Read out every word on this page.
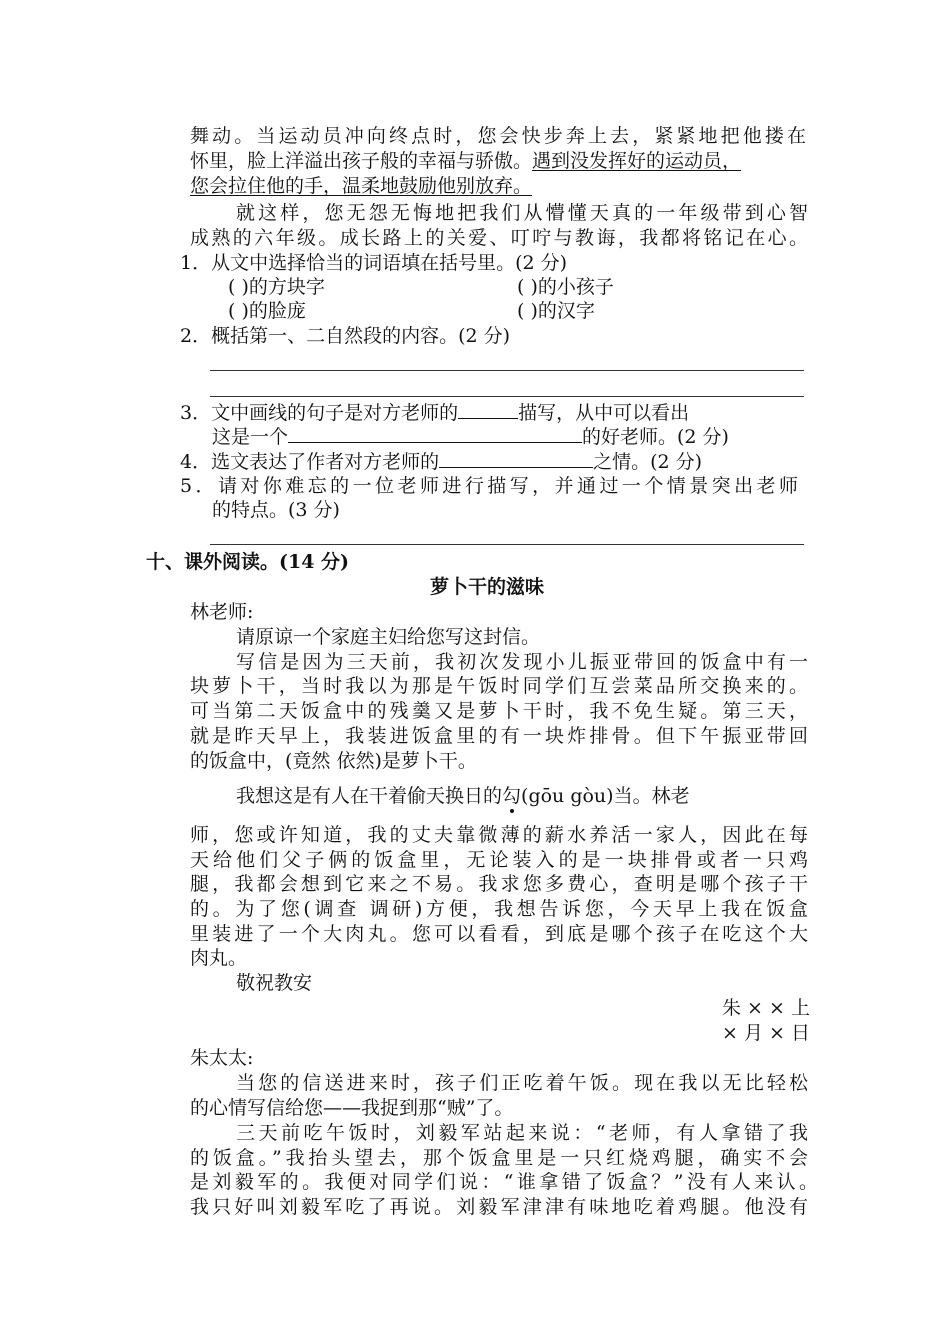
舞动。当运动员冲向终点时，您会快步奔上去，紧紧地把他搂在
怀里，脸上洋溢出孩子般的幸福与骄傲。遇到没发挥好的运动员，
您会拉住他的手，温柔地鼓励他别放弃。
就这样，您无怨无悔地把我们从懵懂天真的一年级带到心智
成熟的六年级。成长路上的关爱、叮咛与教诲，我都将铭记在心。
1．从文中选择恰当的词语填在括号里。(2 分)
( )的方块字	( )的小孩子
( )的脸庞	( )的汉字
2．概括第一、二自然段的内容。(2 分)
3．文中画线的句子是对方老师的	描写，从中可以看出
这是一个	的好老师。(2 分)
4．选文表达了作者对方老师的	之情。(2 分)
5．请对你难忘的一位老师进行描写，并通过一个情景突出老师
的特点。(3 分)
十、课外阅读。(14 分)
萝卜干的滋味
林老师:
请原谅一个家庭主妇给您写这封信。
写信是因为三天前，我初次发现小儿振亚带回的饭盒中有一
块萝卜干，当时我以为那是午饭时同学们互尝菜品所交换来的。
可当第二天饭盒中的残羹又是萝卜干时，我不免生疑。第三天，
就是昨天早上，我装进饭盒里的有一块炸排骨。但下午振亚带回
的饭盒中，(竟然 依然)是萝卜干。
我想这是有人在干着偷天换日的勾(gōu gòu)当。林老
师，您或许知道，我的丈夫靠微薄的薪水养活一家人，因此在每
天给他们父子俩的饭盒里，无论装入的是一块排骨或者一只鸡
腿，我都会想到它来之不易。我求您多费心，查明是哪个孩子干
的。为了您(调查 调研)方便，我想告诉您，今天早上我在饭盒
里装进了一个大肉丸。您可以看看，到底是哪个孩子在吃这个大
肉丸。
敬祝教安
朱 × × 上
× 月 × 日
朱太太:
当您的信送进来时，孩子们正吃着午饭。现在我以无比轻松
的心情写信给您——我捉到那“贼”了。
三天前吃午饭时，刘毅军站起来说：“老师，有人拿错了我
的饭盒。”我抬头望去，那个饭盒里是一只红烧鸡腿，确实不会
是刘毅军的。我便对同学们说：“谁拿错了饭盒？”没有人来认。
我只好叫刘毅军吃了再说。刘毅军津津有味地吃着鸡腿。他没有
